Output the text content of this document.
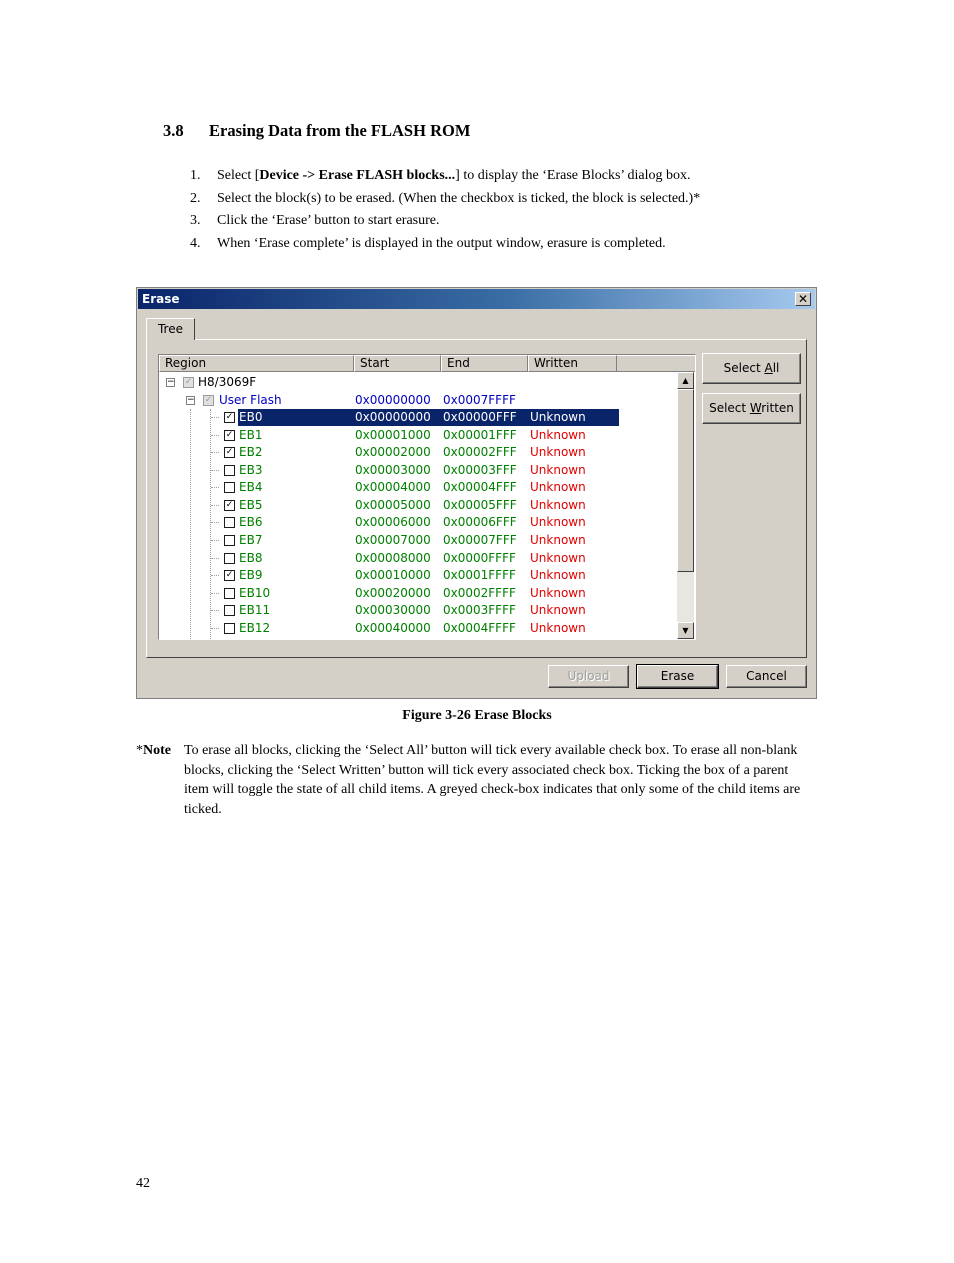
3.8 Erasing Data from the FLASH ROM
1. Select [Device -> Erase FLASH blocks...] to display the ‘Erase Blocks’ dialog box.
2. Select the block(s) to be erased. (When the checkbox is ticked, the block is selected.)*
3. Click the ‘Erase’ button to start erasure.
4. When ‘Erase complete’ is displayed in the output window, erasure is completed.
Erase	✕
Tree
Region	Start	End	Written
− ✓ H8/3069F
− ✓ User Flash	0x00000000 0x0007FFFF
✓ EB0	0x00000000 0x00000FFF Unknown
✓ EB1	0x00001000 0x00001FFF Unknown
✓ EB2	0x00002000 0x00002FFF Unknown
EB3	0x00003000 0x00003FFF Unknown
EB4	0x00004000 0x00004FFF Unknown
✓ EB5	0x00005000 0x00005FFF Unknown
EB6	0x00006000 0x00006FFF Unknown
EB7	0x00007000 0x00007FFF Unknown
EB8	0x00008000 0x0000FFFF Unknown
✓ EB9	0x00010000 0x0001FFFF Unknown
EB10	0x00020000 0x0002FFFF Unknown
EB11	0x00030000 0x0003FFFF Unknown
EB12	0x00040000 0x0004FFFF Unknown
▲
▼
Select All
Select Written
Upload	Erase	Cancel
Figure 3-26 Erase Blocks
*Note To erase all blocks, clicking the ‘Select All’ button will tick every available check box. To erase all non-blank blocks, clicking the ‘Select Written’ button will tick every associated check box. Ticking the box of a parent item will toggle the state of all child items. A greyed check-box indicates that only some of the child items are ticked.
42
